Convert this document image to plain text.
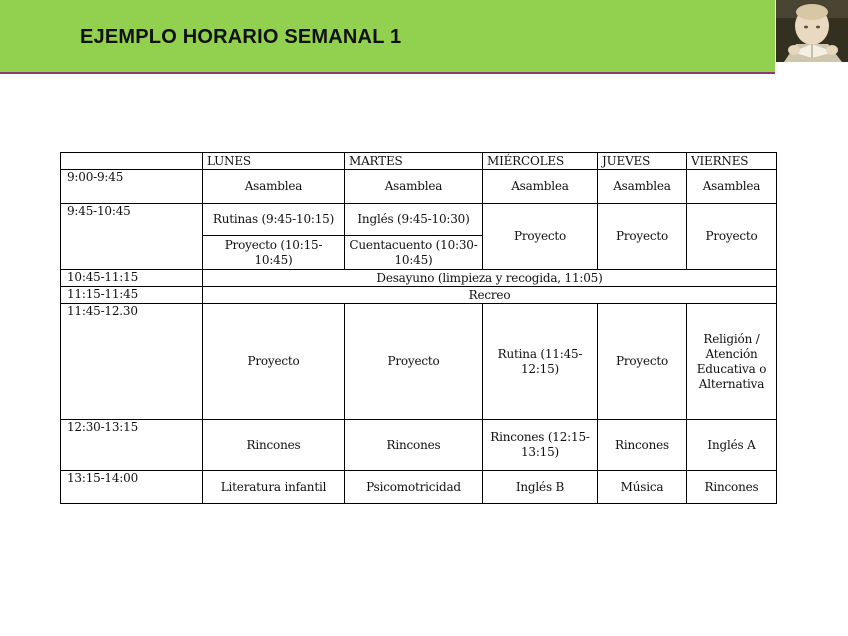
EJEMPLO HORARIO SEMANAL 1
	LUNES	MARTES	MIÉRCOLES	JUEVES	VIERNES
9:00-9:45	Asamblea	Asamblea	Asamblea	Asamblea	Asamblea
9:45-10:45	Rutinas (9:45-10:15)	Inglés (9:45-10:30)	Proyecto	Proyecto	Proyecto
	Proyecto (10:15-10:45)	Cuentacuento (10:30-10:45)			
10:45-11:15	Desayuno (limpieza y recogida, 11:05)				
11:15-11:45	Recreo				
11:45-12.30	Proyecto	Proyecto	Rutina (11:45-12:15)	Proyecto	Religión / Atención Educativa o Alternativa
12:30-13:15	Rincones	Rincones	Rincones (12:15-13:15)	Rincones	Inglés A
13:15-14:00	Literatura infantil	Psicomotricidad	Inglés B	Música	Rincones
